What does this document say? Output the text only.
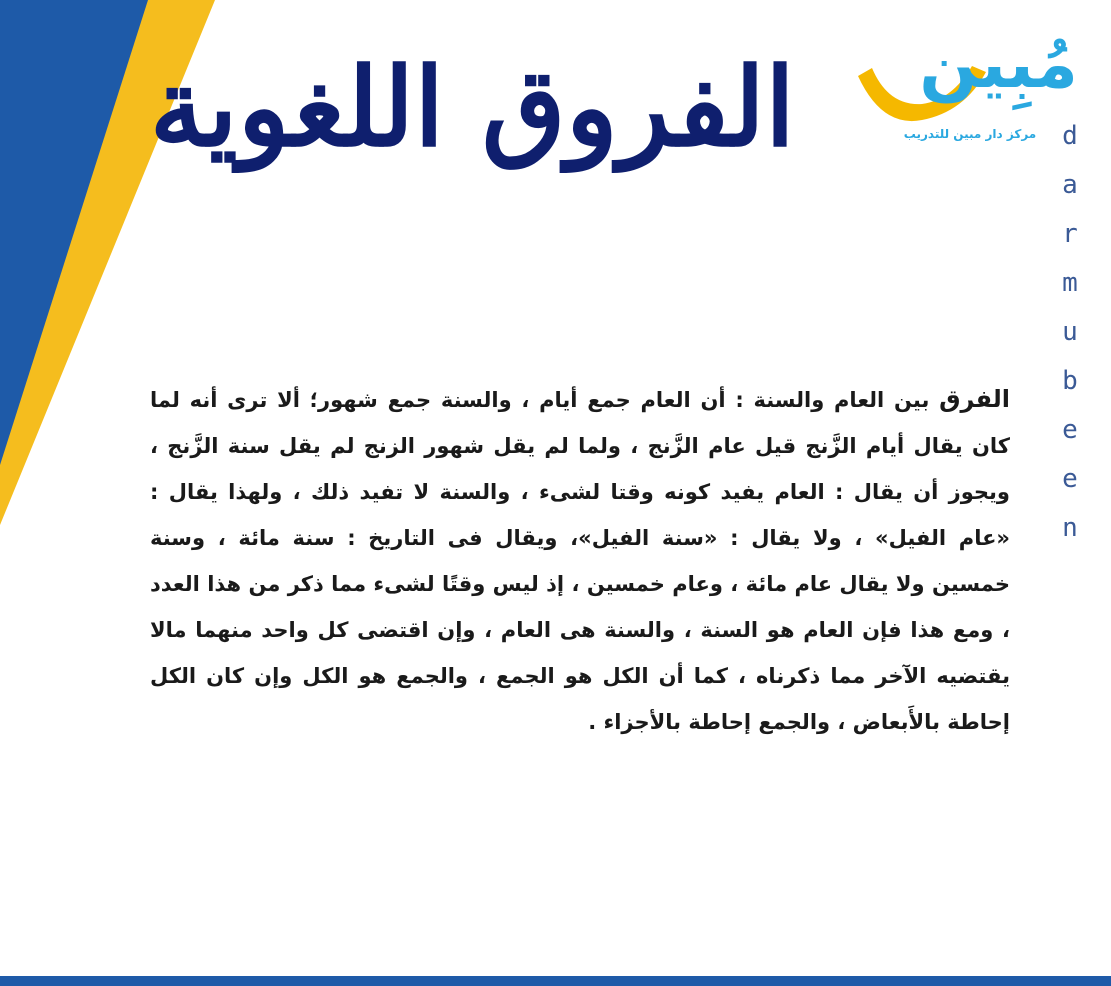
الفروق اللغوية مُبِين
مركز دار مبين للتدريب d
a
r
m
u
b
e
e
n
الفرق بين العام والسنة : أن العام جمع أيام ، والسنة جمع شهور؛ ألا ترى أنه لما كان يقال أيام الزَّنج قيل عام الزَّنج ، ولما لم يقل شهور الزنج لم يقل سنة الزَّنج ، ويجوز أن يقال : العام يفيد كونه وقتا لشىء ، والسنة لا تفيد ذلك ، ولهذا يقال : «عام الفيل» ، ولا يقال : «سنة الفيل»، ويقال فى التاريخ : سنة مائة ، وسنة خمسين ولا يقال عام مائة ، وعام خمسين ، إذ ليس وقتًا لشىء مما ذكر من هذا العدد ، ومع هذا فإن العام هو السنة ، والسنة هى العام ، وإن اقتضى كل واحد منهما مالا يقتضيه الآخر مما ذكرناه ، كما أن الكل هو الجمع ، والجمع هو الكل وإن كان الكل إحاطة بالأَبعاض ، والجمع إحاطة بالأجزاء .
